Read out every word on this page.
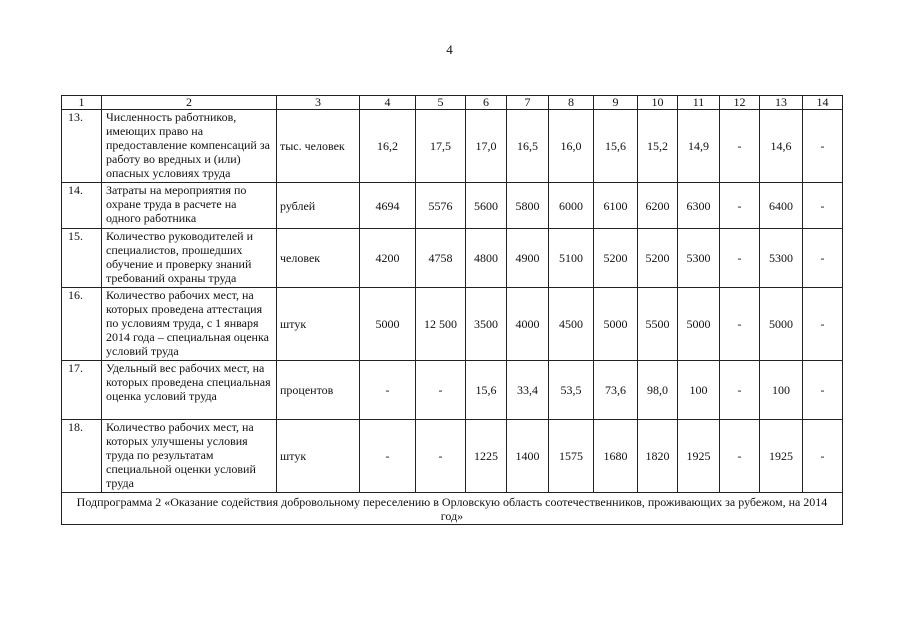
4
1	2	3	4	5	6	7	8	9	10	11	12	13	14
13.	Численность работников, имеющих право на предоставление компенсаций за работу во вредных и (или) опасных условиях труда	тыс. человек	16,2	17,5	17,0	16,5	16,0	15,6	15,2	14,9	-	14,6	-
14.	Затраты на мероприятия по охране труда в расчете на одного работника	рублей	4694	5576	5600	5800	6000	6100	6200	6300	-	6400	-
15.	Количество руководителей и специалистов, прошедших обучение и проверку знаний требований охраны труда	человек	4200	4758	4800	4900	5100	5200	5200	5300	-	5300	-
16.	Количество рабочих мест, на которых проведена аттестация по условиям труда, с 1 января 2014 года – специальная оценка условий труда	штук	5000	12 500	3500	4000	4500	5000	5500	5000	-	5000	-
17.	Удельный вес рабочих мест, на которых проведена специальная оценка условий труда	процентов	-	-	15,6	33,4	53,5	73,6	98,0	100	-	100	-
18.	Количество рабочих мест, на которых улучшены условия труда по результатам специальной оценки условий труда	штук	-	-	1225	1400	1575	1680	1820	1925	-	1925	-
Подпрограмма 2 «Оказание содействия добровольному переселению в Орловскую область соотечественников, проживающих за рубежом, на 2014 год»													
